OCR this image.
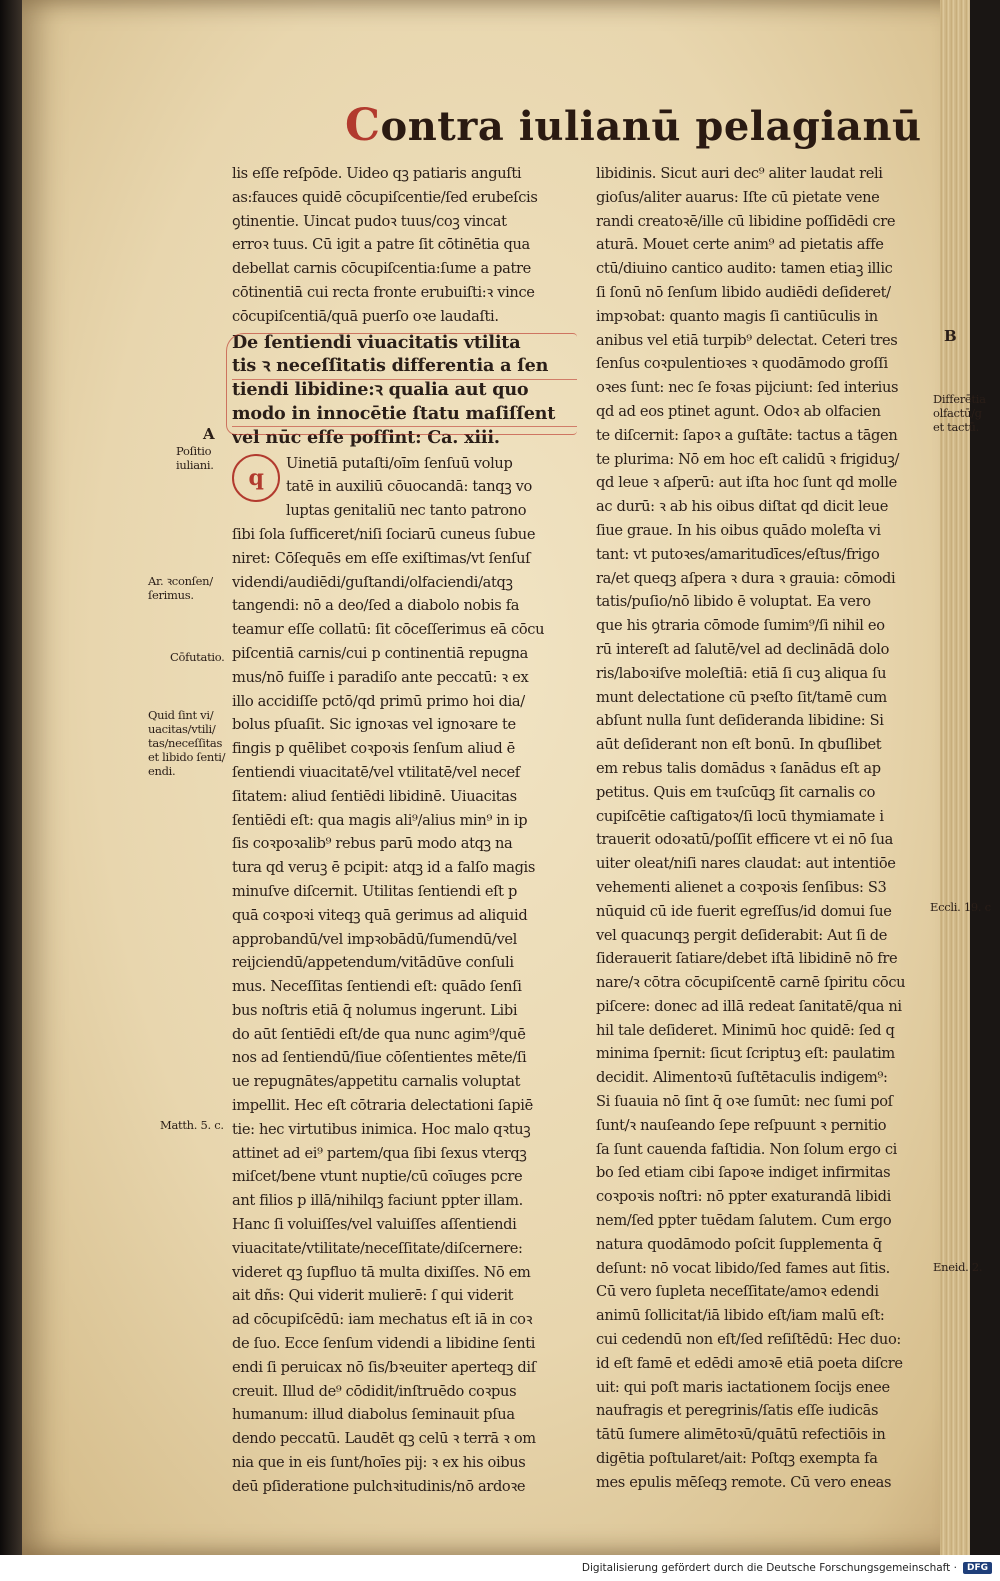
Contra iulianū pelagianū
lis eſſe reſpōde. Uideo qꝫ patiaris anguſti
as:fauces quidē cōcupiſcentie/ſed erubeſcis
ꝯtinentie. Uincat pudoꝛ tuus/coꝫ vincat
erroꝛ tuus. Cū igit a patre ſit cōtinētia qua
debellat carnis cōcupiſcentia:ſume a patre
cōtinentiā cui recta fronte erubuiſti:ꝛ vince
cōcupiſcentiā/quā puerſo oꝛe laudaſti.
De ſentiendi viuacitatis vtilita
tis ꝛ neceſſitatis differentia a ſen
tiendi libidine:ꝛ qualia aut quo
modo in innocētie ſtatu maſiſſent
vel nūc eſſe poſſint: Ca. xiii.
q
Uinetiā putaſti/oīm ſenſuū volup
tatē in auxiliū cōuocandā: tanqꝫ vo
luptas genitaliū nec tanto patrono
ſibi ſola ſufficeret/niſi ſociarū cuneus ſubue
niret: Cōſequēs em eſſe exiſtimas/vt ſenſuſ
videndi/audiēdi/guſtandi/olfaciendi/atqꝫ
tangendi: nō a deo/ſed a diabolo nobis fa
teamur eſſe collatū: ſit cōceſſerimus eā cōcu
piſcentiā carnis/cui p continentiā repugna
mus/nō fuiſſe i paradiſo ante peccatū: ꝛ ex
illo accidiſſe pctō/qd primū primo hoi dia/
bolus pſuaſit. Sic ignoꝛas vel ignoꝛare te
fingis p quēlibet coꝛpoꝛis ſenſum aliud ē
ſentiendi viuacitatē/vel vtilitatē/vel necef
ſitatem: aliud ſentiēdi libidinē. Uiuacitas
ſentiēdi eſt: qua magis ali⁹/alius min⁹ in ip
ſis coꝛpoꝛalib⁹ rebus parū modo atqꝫ na
tura qd veruꝫ ē pcipit: atqꝫ id a falſo magis
minuſve diſcernit. Utilitas ſentiendi eſt p
quā coꝛpoꝛi viteqꝫ quā gerimus ad aliquid
approbandū/vel impꝛobādū/ſumendū/vel
reijciendū/appetendum/vitādūve conſuli
mus. Neceſſitas ſentiendi eſt: quādo ſenſi
bus noſtris etiā q̄ nolumus ingerunt. Libi
do aūt ſentiēdi eſt/de qua nunc agim⁹/quē
nos ad ſentiendū/ſiue cōſentientes mēte/ſi
ue repugnātes/appetitu carnalis voluptat
impellit. Hec eſt cōtraria delectationi ſapiē
tie: hec virtutibus inimica. Hoc malo qꝛtuꝫ
attinet ad ei⁹ partem/qua ſibi ſexus vterqꝫ
miſcet/bene vtunt nuptie/cū coīuges pcre
ant filios p illā/nihilqꝫ faciunt ppter illam.
Hanc ſi voluiſſes/vel valuiſſes aſſentiendi
viuacitate/vtilitate/neceſſitate/diſcernere:
videret qꝫ ſupfluo tā multa dixiſſes. Nō em
ait dñs: Qui viderit mulierē: ſ qui viderit
ad cōcupiſcēdū: iam mechatus eſt iā in coꝛ
de ſuo. Ecce ſenſum videndi a libidine ſenti
endi ſi peruicax nō ſis/bꝛeuiter aperteqꝫ diſ
creuit. Illud de⁹ cōdidit/inſtruēdo coꝛpus
humanum: illud diabolus ſeminauit pſua
dendo peccatū. Laudēt qꝫ celū ꝛ terrā ꝛ om
nia que in eis ſunt/hoīes pij: ꝛ ex his oibus
deū pſideratione pulchꝛitudinis/nō ardoꝛe
libidinis. Sicut auri dec⁹ aliter laudat reli
gioſus/aliter auarus: Iſte cū pietate vene
randi creatoꝛē/ille cū libidine poſſidēdi cre
aturā. Mouet certe anim⁹ ad pietatis affe
ctū/diuino cantico audito: tamen etiaꝫ illic
ſi ſonū nō ſenſum libido audiēdi deſideret/
impꝛobat: quanto magis ſi cantiūculis in
anibus vel etiā turpib⁹ delectat. Ceteri tres
ſenſus coꝛpulentioꝛes ꝛ quodāmodo groſſi
oꝛes ſunt: nec ſe foꝛas pijciunt: ſed interius
qd ad eos ptinet agunt. Odoꝛ ab olfacien
te diſcernit: ſapoꝛ a guſtāte: tactus a tāgen
te plurima: Nō em hoc eſt calidū ꝛ frigiduꝫ/
qd leue ꝛ aſperū: aut iſta hoc ſunt qd molle
ac durū: ꝛ ab his oibus diſtat qd dicit leue
ſiue graue. In his oibus quādo moleſta vi
tant: vt putoꝛes/amaritudīces/eſtus/frigo
ra/et queqꝫ aſpera ꝛ dura ꝛ grauia: cōmodi
tatis/puſio/nō libido ē voluptat. Ea vero
que his ꝯtraria cōmode ſumim⁹/ſi nihil eo
rū intereſt ad ſalutē/vel ad declinādā dolo
ris/laboꝛiſve moleſtiā: etiā ſi cuꝫ aliqua ſu
munt delectatione cū pꝛeſto ſit/tamē cum
abſunt nulla ſunt deſideranda libidine: Si
aūt deſiderant non eſt bonū. In qbuſlibet
em rebus talis domādus ꝛ ſanādus eſt ap
petitus. Quis em tꝛuſcūqꝫ ſit carnalis co
cupiſcētie caſtigatoꝛ/ſi locū thymiamate i
trauerit odoꝛatū/poſſit efficere vt ei nō ſua
uiter oleat/niſi nares claudat: aut intentiōe
vehementi alienet a coꝛpoꝛis ſenſibus: S3
nūquid cū ide fuerit egreſſus/id domui ſue
vel quacunqꝫ pergit deſiderabit: Aut ſi de
ſiderauerit ſatiare/debet iſtā libidinē nō fre
nare/ꝛ cōtra cōcupiſcentē carnē ſpiritu cōcu
piſcere: donec ad illā redeat ſanitatē/qua ni
hil tale deſideret. Minimū hoc quidē: ſed q
minima ſpernit: ſicut ſcriptuꝫ eſt: paulatim
decidit. Alimentoꝛū ſuſtētaculis indigem⁹:
Si ſuauia nō ſint q̄ oꝛe ſumūt: nec ſumi poſ
ſunt/ꝛ nauſeando ſepe reſpuunt ꝛ pernitio
ſa ſunt cauenda faſtidia. Non ſolum ergo ci
bo ſed etiam cibi ſapoꝛe indiget infirmitas
coꝛpoꝛis noſtri: nō ppter exaturandā libidi
nem/ſed ppter tuēdam ſalutem. Cum ergo
natura quodāmodo poſcit ſupplementa q̄
deſunt: nō vocat libido/ſed fames aut ſitis.
Cū vero ſupleta neceſſitate/amoꝛ edendi
animū ſollicitat/iā libido eſt/iam malū eſt:
cui cedendū non eſt/ſed reſiſtēdū: Hec duo:
id eſt famē et edēdi amoꝛē etiā poeta diſcre
uit: qui poſt maris iactationem ſocijs enee
naufragis et peregrinis/ſatis eſſe iudicās
tātū ſumere alimētoꝛū/quātū refectiōis in
digētia poſtularet/ait: Poſtqꝫ exempta fa
mes epulis mēſeqꝫ remote. Cū vero eneas
A
Poſitio
iuliani.
Ar. ꝛconſen/
ſerimus.
Cōfutatio.
Quid ſint vi/
uacitas/vtili/
tas/neceſſitas
et libido ſenti/
endi.
Matth. 5. c.
B
Differētia
olfactū/g
et tactū.
Eccli. 19. c
Eneid. 2.
Digitalisierung gefördert durch die Deutsche Forschungsgemeinschaft ·	DFG
